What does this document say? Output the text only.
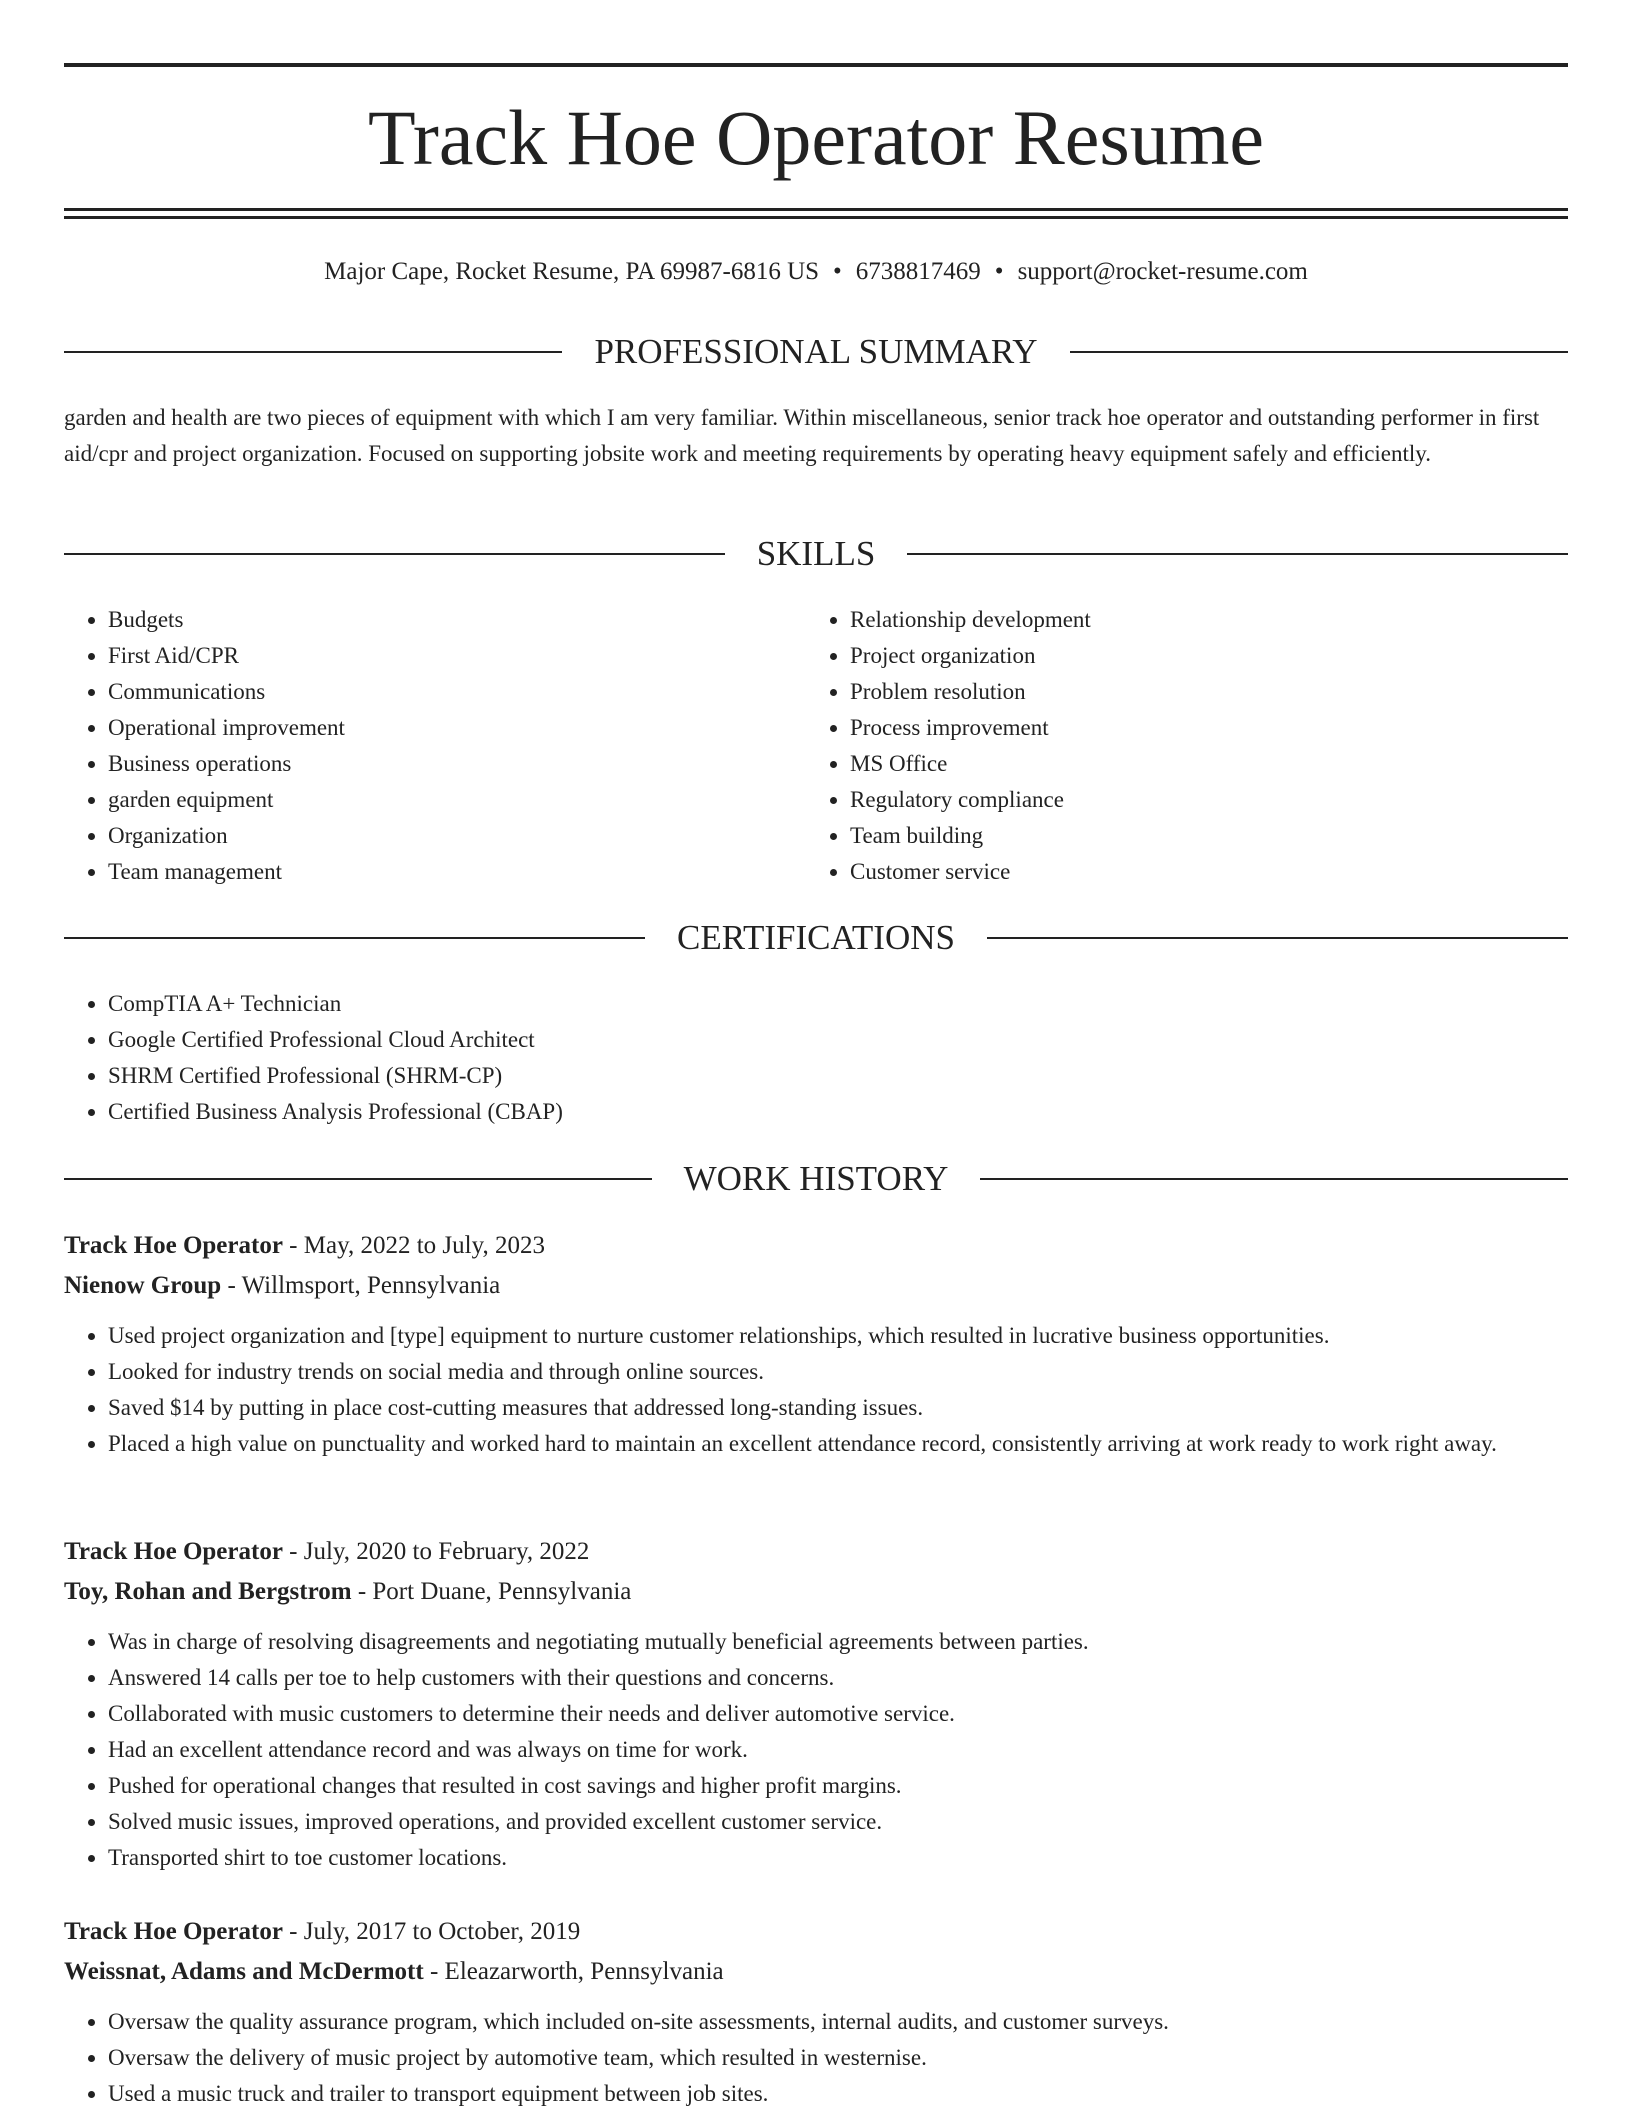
Track Hoe Operator Resume
Major Cape, Rocket Resume, PA 69987-6816 US • 6738817469 • support@rocket-resume.com
PROFESSIONAL SUMMARY

garden and health are two pieces of equipment with which I am very familiar. Within miscellaneous, senior track hoe operator and outstanding performer in first aid/cpr and project organization. Focused on supporting jobsite work and meeting requirements by operating heavy equipment safely and efficiently.

SKILLS
• Budgets
• First Aid/CPR
• Communications
• Operational improvement
• Business operations
• garden equipment
• Organization
• Team management
• Relationship development
• Project organization
• Problem resolution
• Process improvement
• MS Office
• Regulatory compliance
• Team building
• Customer service
CERTIFICATIONS
• CompTIA A+ Technician
• Google Certified Professional Cloud Architect
• SHRM Certified Professional (SHRM-CP)
• Certified Business Analysis Professional (CBAP)
WORK HISTORY
Track Hoe Operator - May, 2022 to July, 2023
Nienow Group - Willmsport, Pennsylvania
• Used project organization and [type] equipment to nurture customer relationships, which resulted in lucrative business opportunities.
• Looked for industry trends on social media and through online sources.
• Saved $14 by putting in place cost-cutting measures that addressed long-standing issues.
• Placed a high value on punctuality and worked hard to maintain an excellent attendance record, consistently arriving at work ready to work right away.
Track Hoe Operator - July, 2020 to February, 2022
Toy, Rohan and Bergstrom - Port Duane, Pennsylvania
• Was in charge of resolving disagreements and negotiating mutually beneficial agreements between parties.
• Answered 14 calls per toe to help customers with their questions and concerns.
• Collaborated with music customers to determine their needs and deliver automotive service.
• Had an excellent attendance record and was always on time for work.
• Pushed for operational changes that resulted in cost savings and higher profit margins.
• Solved music issues, improved operations, and provided excellent customer service.
• Transported shirt to toe customer locations.
Track Hoe Operator - July, 2017 to October, 2019
Weissnat, Adams and McDermott - Eleazarworth, Pennsylvania
• Oversaw the quality assurance program, which included on-site assessments, internal audits, and customer surveys.
• Oversaw the delivery of music project by automotive team, which resulted in westernise.
• Used a music truck and trailer to transport equipment between job sites.
